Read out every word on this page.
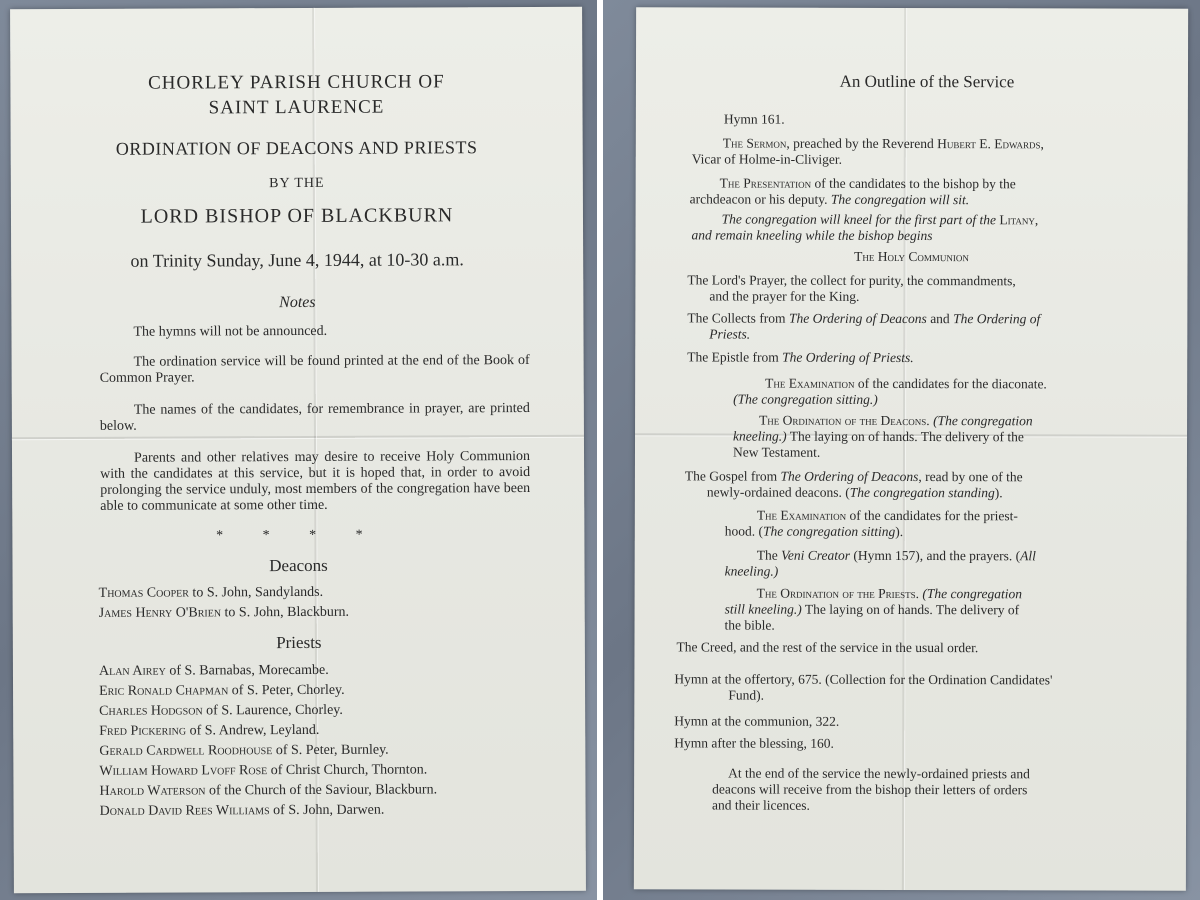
CHORLEY PARISH CHURCH OF
SAINT LAURENCE
ORDINATION OF DEACONS AND PRIESTS
BY THE
LORD BISHOP OF BLACKBURN
on Trinity Sunday, June 4, 1944, at 10-30 a.m.
Notes

The hymns will not be announced.

The ordination service will be found printed at the end of the Book of Common Prayer.

The names of the candidates, for remembrance in prayer, are printed below.

Parents and other relatives may desire to receive Holy Communion with the candidates at this service, but it is hoped that, in order to avoid prolonging the service unduly, most members of the congregation have been able to communicate at some other time.

* * * *
Deacons
Thomas Cooper to S. John, Sandylands.
James Henry O'Brien to S. John, Blackburn.
Priests
Alan Airey of S. Barnabas, Morecambe.
Eric Ronald Chapman of S. Peter, Chorley.
Charles Hodgson of S. Laurence, Chorley.
Fred Pickering of S. Andrew, Leyland.
Gerald Cardwell Roodhouse of S. Peter, Burnley.
William Howard Lvoff Rose of Christ Church, Thornton.
Harold Waterson of the Church of the Saviour, Blackburn.
Donald David Rees Williams of S. John, Darwen.
An Outline of the Service
Hymn 161.
The Sermon, preached by the Reverend Hubert E. Edwards,
Vicar of Holme-in-Cliviger.
The Presentation of the candidates to the bishop by the
archdeacon or his deputy. The congregation will sit.
The congregation will kneel for the first part of the Litany,
and remain kneeling while the bishop begins
The Holy Communion
The Lord's Prayer, the collect for purity, the commandments,
and the prayer for the King.
The Collects from The Ordering of Deacons and The Ordering of
Priests.
The Epistle from The Ordering of Priests.
The Examination of the candidates for the diaconate.
(The congregation sitting.)
The Ordination of the Deacons. (The congregation
kneeling.) The laying on of hands. The delivery of the
New Testament.
The Gospel from The Ordering of Deacons, read by one of the
newly-ordained deacons. (The congregation standing).
The Examination of the candidates for the priest-
hood. (The congregation sitting).
The Veni Creator (Hymn 157), and the prayers. (All
kneeling.)
The Ordination of the Priests. (The congregation
still kneeling.) The laying on of hands. The delivery of
the bible.
The Creed, and the rest of the service in the usual order.
Hymn at the offertory, 675. (Collection for the Ordination Candidates'
Fund).
Hymn at the communion, 322.
Hymn after the blessing, 160.
At the end of the service the newly-ordained priests and
deacons will receive from the bishop their letters of orders
and their licences.
